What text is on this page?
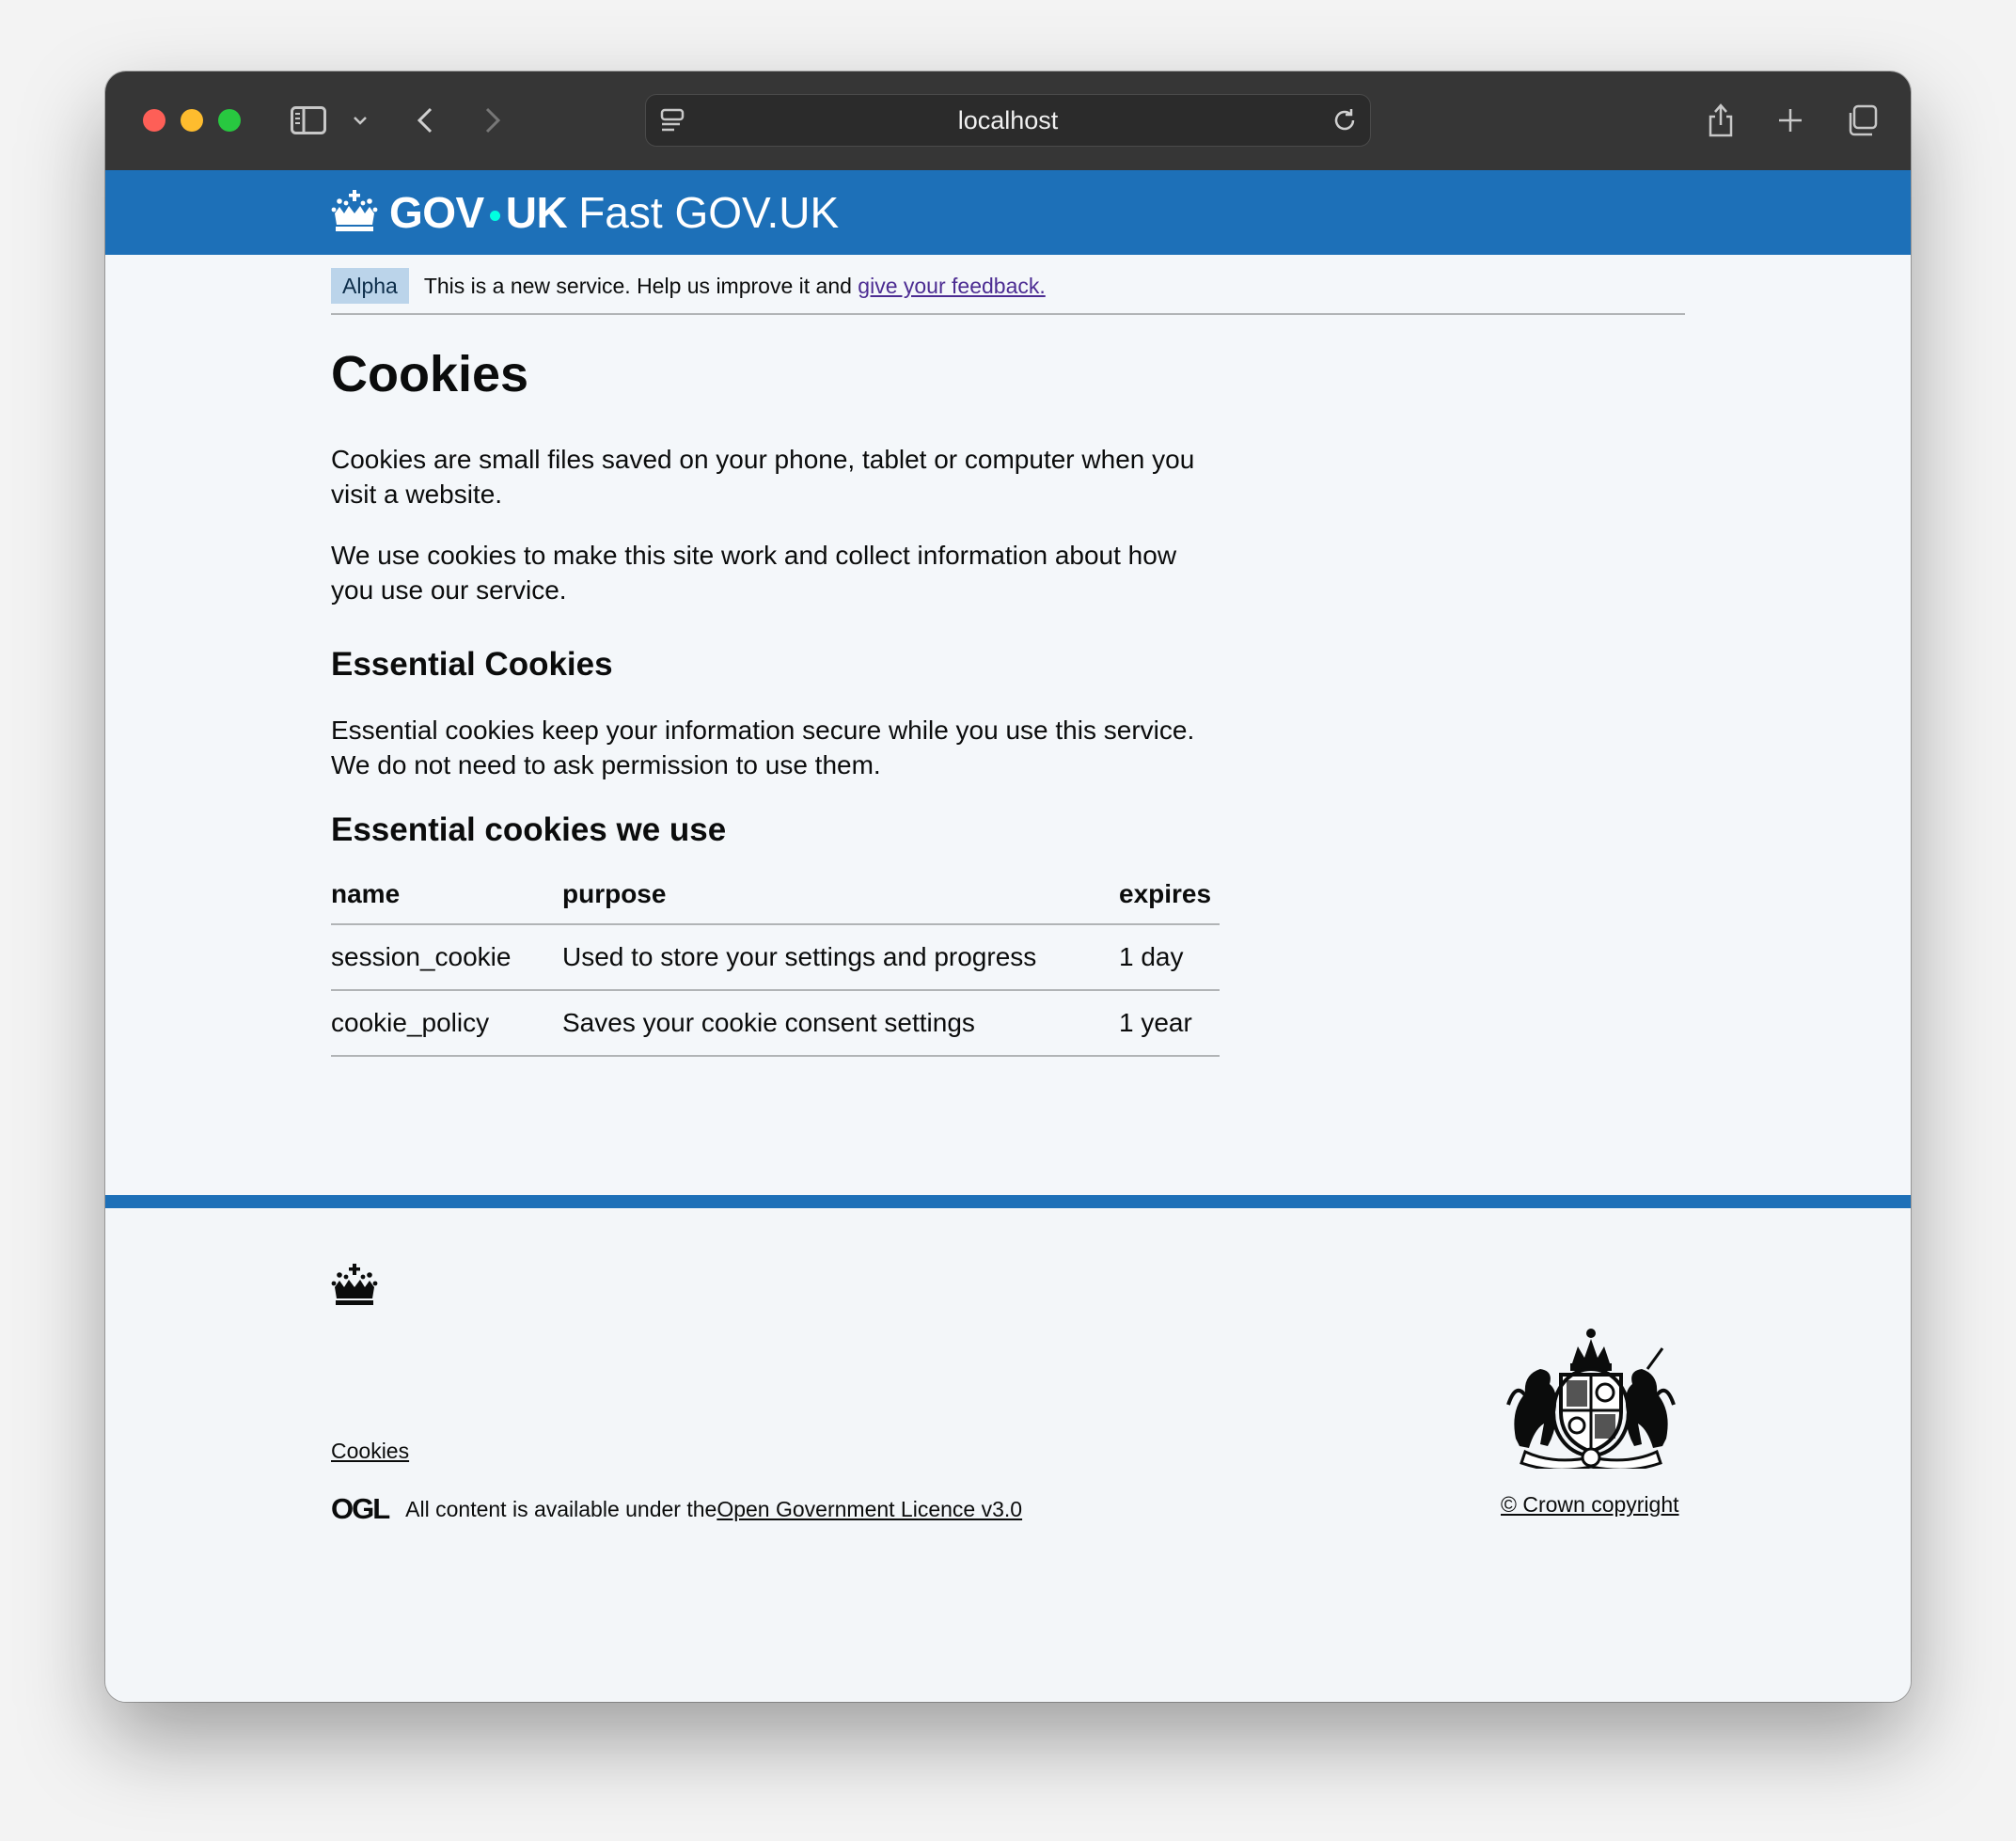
localhost
GOV UK Fast GOV.UK
Alpha	This is a new service. Help us improve it and give your feedback.
Cookies

Cookies are small files saved on your phone, tablet or computer when you visit a website.

We use cookies to make this site work and collect information about how you use our service.

Essential Cookies

Essential cookies keep your information secure while you use this service. We do not need to ask permission to use them.

Essential cookies we use
name	purpose	expires
session_cookie	Used to store your settings and progress	1 day
cookie_policy	Saves your cookie consent settings	1 year
Cookies
OGL All content is available under the Open Government Licence v3.0	© Crown copyright
